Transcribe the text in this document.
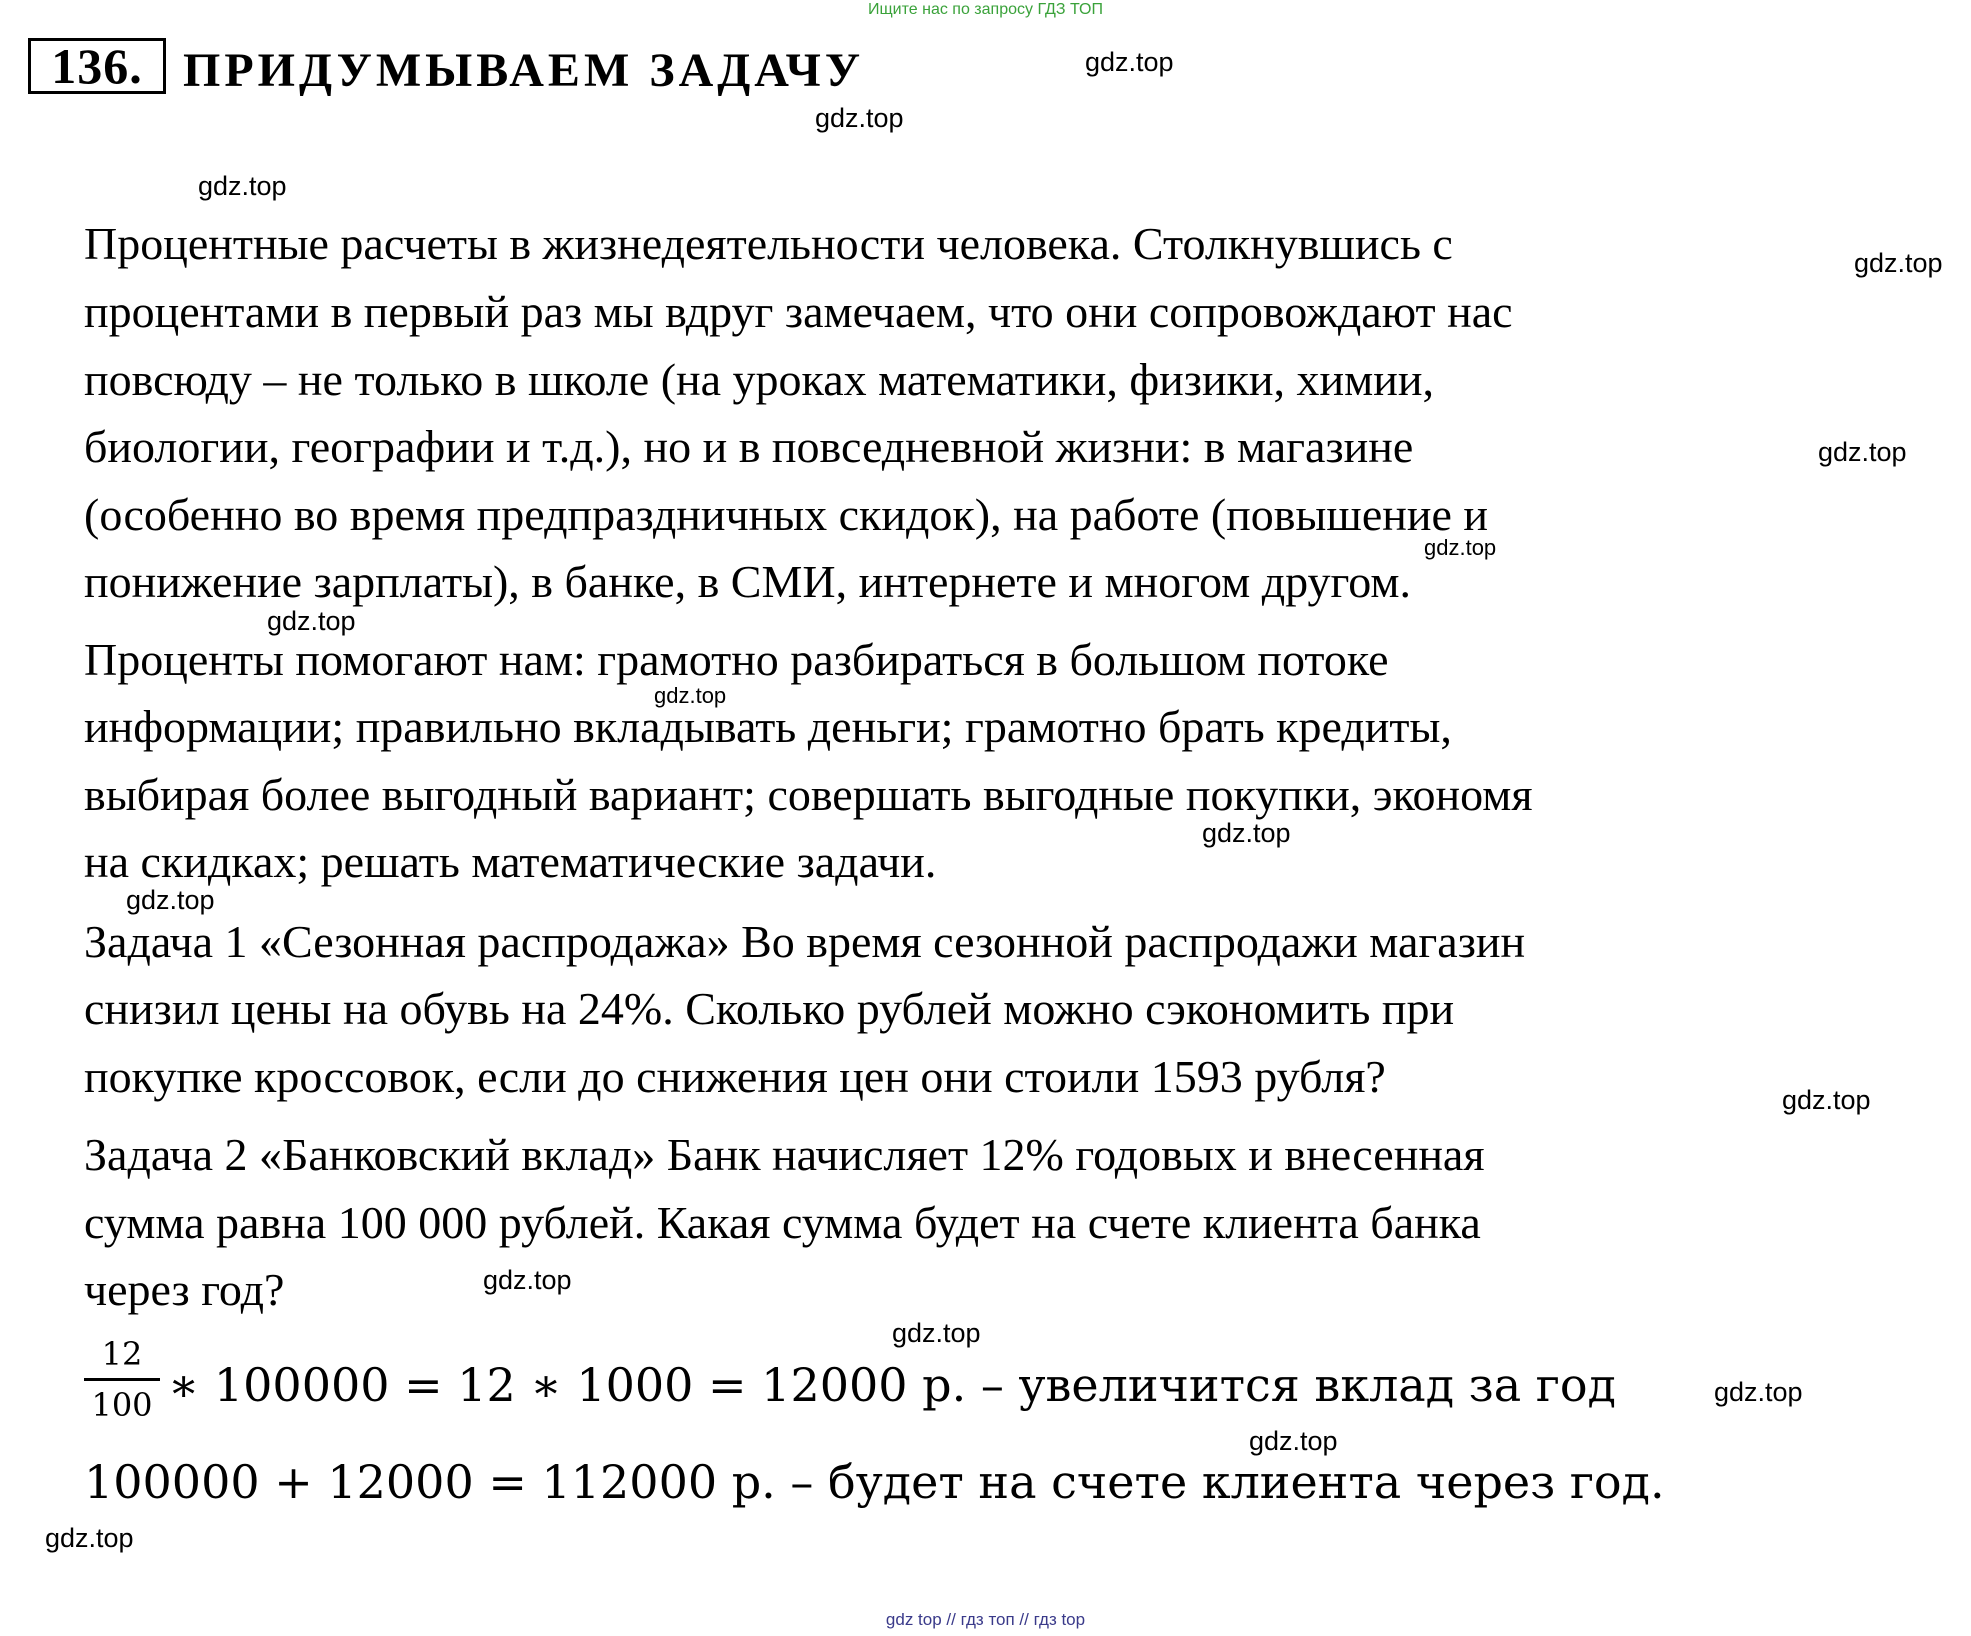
Ищите нас по запросу ГДЗ ТОП
136. ПРИДУМЫВАЕМ ЗАДАЧУ
Процентные расчеты в жизнедеятельности человека. Столкнувшись с
процентами в первый раз мы вдруг замечаем, что они сопровождают нас
повсюду – не только в школе (на уроках математики, физики, химии,
биологии, географии и т.д.), но и в повседневной жизни: в магазине
(особенно во время предпраздничных скидок), на работе (повышение и
понижение зарплаты), в банке, в СМИ, интернете и многом другом.
Проценты помогают нам: грамотно разбираться в большом потоке
информации; правильно вкладывать деньги; грамотно брать кредиты,
выбирая более выгодный вариант; совершать выгодные покупки, экономя
на скидках; решать математические задачи.
Задача 1 «Сезонная распродажа» Во время сезонной распродажи магазин
снизил цены на обувь на 24%. Сколько рублей можно сэкономить при
покупке кроссовок, если до снижения цен они стоили 1593 рубля?
Задача 2 «Банковский вклад» Банк начисляет 12% годовых и внесенная
сумма равна 100 000 рублей. Какая сумма будет на счете клиента банка
через год?
12
100 ∗ 100000 = 12 ∗ 1000 = 12000 р. – увеличится вклад за год
100000 + 12000 = 112000 р. – будет на счете клиента через год.
gdz.top
gdz.top
gdz.top
gdz.top
gdz.top
gdz.top
gdz.top
gdz.top
gdz.top
gdz.top
gdz.top
gdz.top
gdz.top
gdz.top
gdz.top
gdz.top
gdz top // гдз топ // гдз top
